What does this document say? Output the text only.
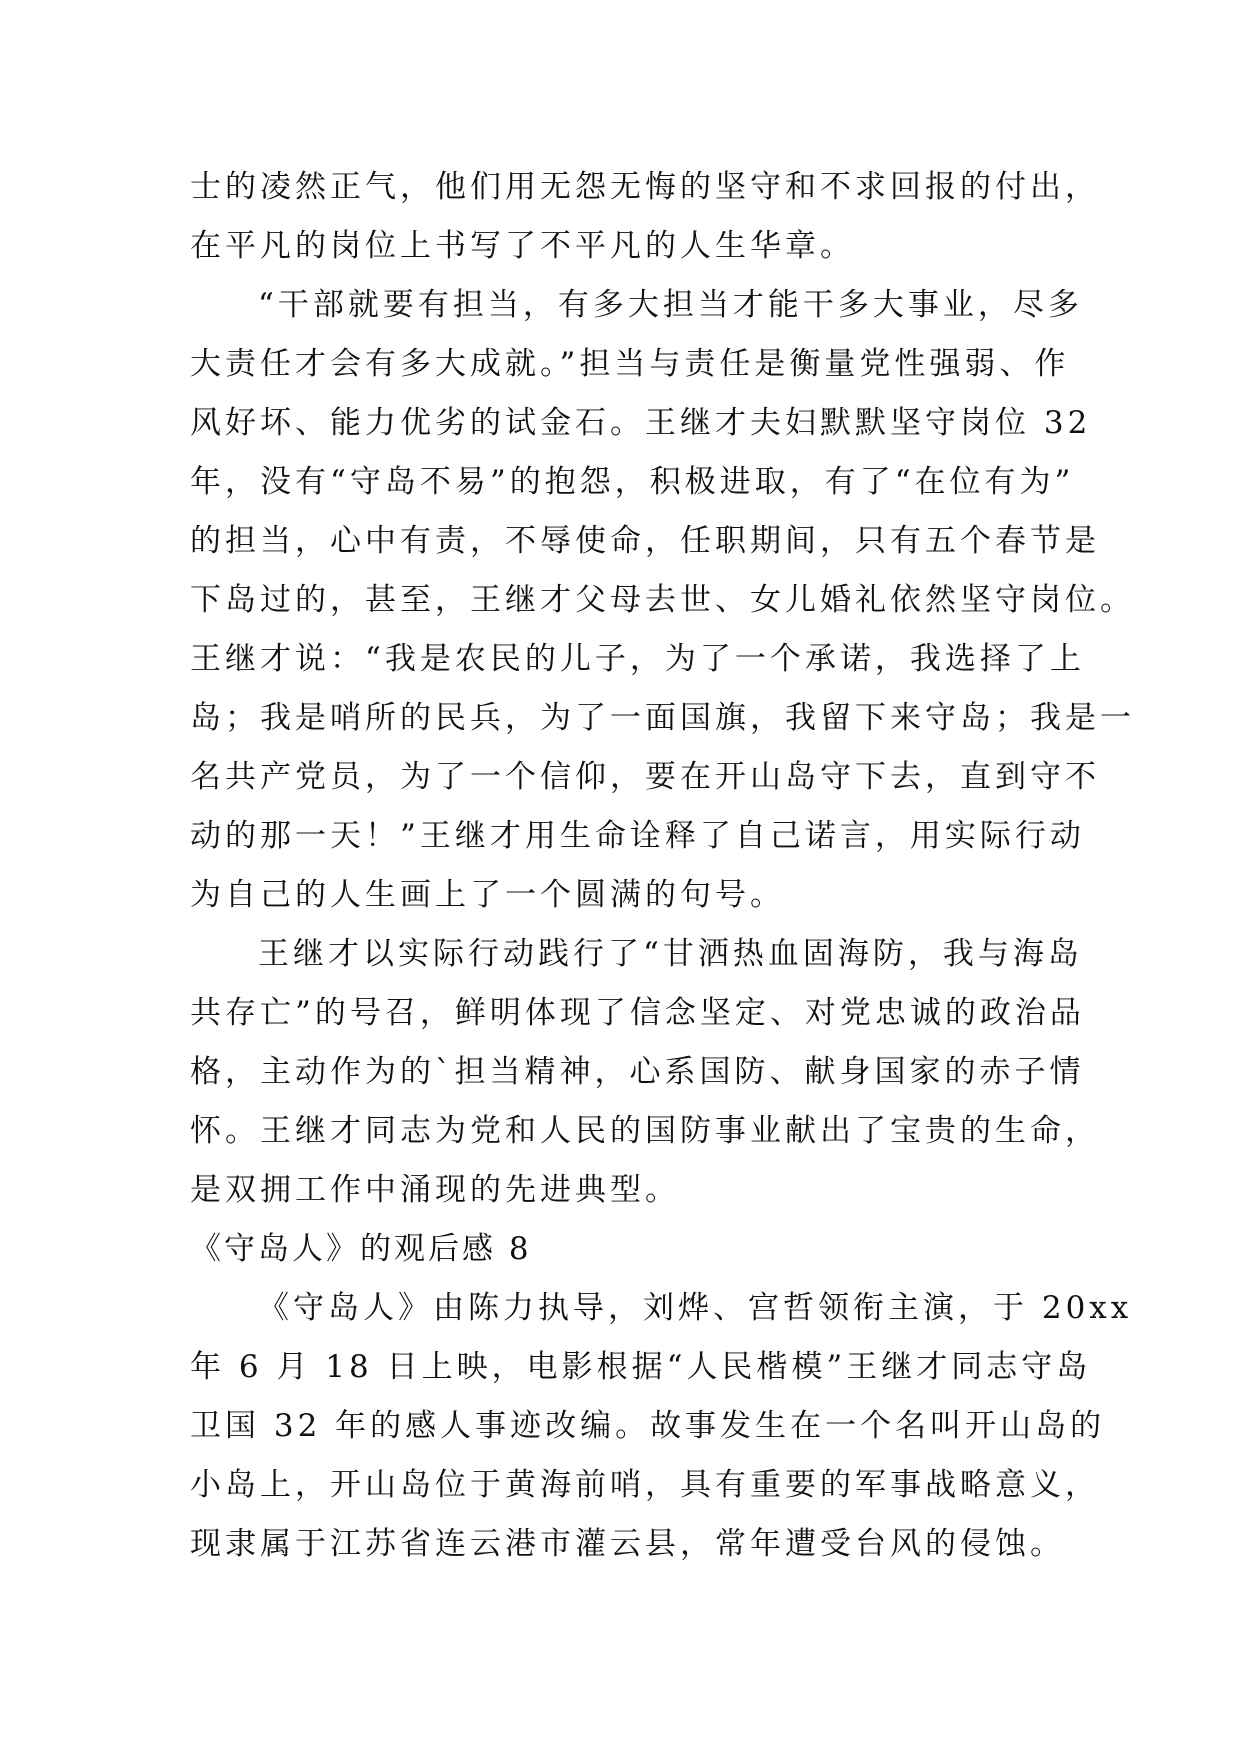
士的凌然正气，他们用无怨无悔的坚守和不求回报的付出，
在平凡的岗位上书写了不平凡的人生华章。
“干部就要有担当，有多大担当才能干多大事业，尽多
大责任才会有多大成就。”担当与责任是衡量党性强弱、作
风好坏、能力优劣的试金石。王继才夫妇默默坚守岗位 32
年，没有“守岛不易”的抱怨，积极进取，有了“在位有为”
的担当，心中有责，不辱使命，任职期间，只有五个春节是
下岛过的，甚至，王继才父母去世、女儿婚礼依然坚守岗位。
王继才说：“我是农民的儿子，为了一个承诺，我选择了上
岛；我是哨所的民兵，为了一面国旗，我留下来守岛；我是一
名共产党员，为了一个信仰，要在开山岛守下去，直到守不
动的那一天！”王继才用生命诠释了自己诺言，用实际行动
为自己的人生画上了一个圆满的句号。
王继才以实际行动践行了“甘洒热血固海防，我与海岛
共存亡”的号召，鲜明体现了信念坚定、对党忠诚的政治品
格，主动作为的`担当精神，心系国防、献身国家的赤子情
怀。王继才同志为党和人民的国防事业献出了宝贵的生命，
是双拥工作中涌现的先进典型。
《守岛人》的观后感 8
《守岛人》由陈力执导，刘烨、宫哲领衔主演，于 20xx
年 6 月 18 日上映，电影根据“人民楷模”王继才同志守岛
卫国 32 年的感人事迹改编。故事发生在一个名叫开山岛的
小岛上，开山岛位于黄海前哨，具有重要的军事战略意义，
现隶属于江苏省连云港市灌云县，常年遭受台风的侵蚀。
